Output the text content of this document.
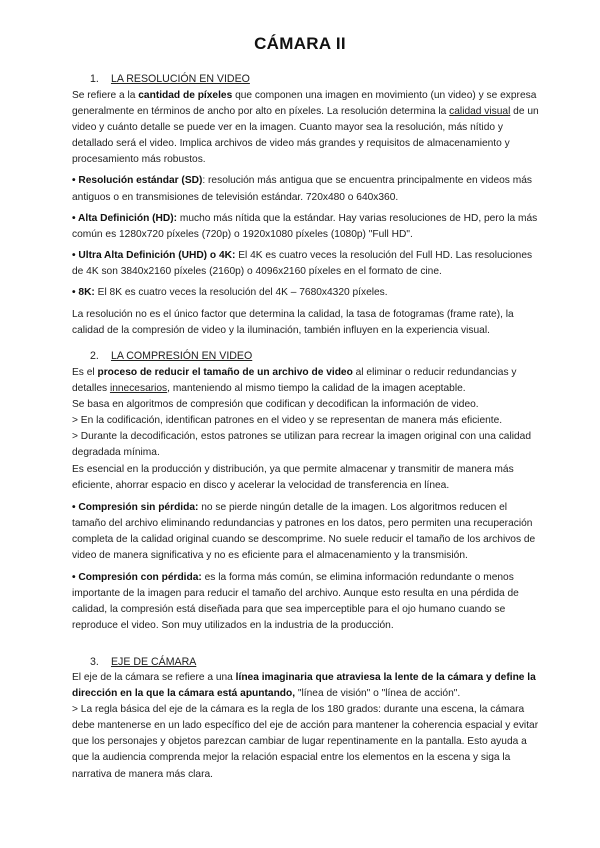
CÁMARA II
1. LA RESOLUCIÓN EN VIDEO

Se refiere a la cantidad de píxeles que componen una imagen en movimiento (un video) y se expresa generalmente en términos de ancho por alto en píxeles. La resolución determina la calidad visual de un video y cuánto detalle se puede ver en la imagen. Cuanto mayor sea la resolución, más nítido y detallado será el video. Implica archivos de video más grandes y requisitos de almacenamiento y procesamiento más robustos.

• Resolución estándar (SD): resolución más antigua que se encuentra principalmente en videos más antiguos o en transmisiones de televisión estándar. 720x480 o 640x360.

• Alta Definición (HD): mucho más nítida que la estándar. Hay varias resoluciones de HD, pero la más común es 1280x720 píxeles (720p) o 1920x1080 píxeles (1080p) "Full HD".

• Ultra Alta Definición (UHD) o 4K: El 4K es cuatro veces la resolución del Full HD. Las resoluciones de 4K son 3840x2160 píxeles (2160p) o 4096x2160 píxeles en el formato de cine.

• 8K: El 8K es cuatro veces la resolución del 4K – 7680x4320 píxeles.

La resolución no es el único factor que determina la calidad, la tasa de fotogramas (frame rate), la calidad de la compresión de video y la iluminación, también influyen en la experiencia visual.

2. LA COMPRESIÓN EN VIDEO

Es el proceso de reducir el tamaño de un archivo de video al eliminar o reducir redundancias y detalles innecesarios, manteniendo al mismo tiempo la calidad de la imagen aceptable.

Se basa en algoritmos de compresión que codifican y decodifican la información de video.

> En la codificación, identifican patrones en el video y se representan de manera más eficiente.

> Durante la decodificación, estos patrones se utilizan para recrear la imagen original con una calidad degradada mínima.

Es esencial en la producción y distribución, ya que permite almacenar y transmitir de manera más eficiente, ahorrar espacio en disco y acelerar la velocidad de transferencia en línea.

• Compresión sin pérdida: no se pierde ningún detalle de la imagen. Los algoritmos reducen el tamaño del archivo eliminando redundancias y patrones en los datos, pero permiten una recuperación completa de la calidad original cuando se descomprime. No suele reducir el tamaño de los archivos de video de manera significativa y no es eficiente para el almacenamiento y la transmisión.

• Compresión con pérdida: es la forma más común, se elimina información redundante o menos importante de la imagen para reducir el tamaño del archivo. Aunque esto resulta en una pérdida de calidad, la compresión está diseñada para que sea imperceptible para el ojo humano cuando se reproduce el video. Son muy utilizados en la industria de la producción.

3. EJE DE CÁMARA

El eje de la cámara se refiere a una línea imaginaria que atraviesa la lente de la cámara y define la dirección en la que la cámara está apuntando, "línea de visión" o "línea de acción".

> La regla básica del eje de la cámara es la regla de los 180 grados: durante una escena, la cámara debe mantenerse en un lado específico del eje de acción para mantener la coherencia espacial y evitar que los personajes y objetos parezcan cambiar de lugar repentinamente en la pantalla. Esto ayuda a que la audiencia comprenda mejor la relación espacial entre los elementos en la escena y siga la narrativa de manera más clara.
